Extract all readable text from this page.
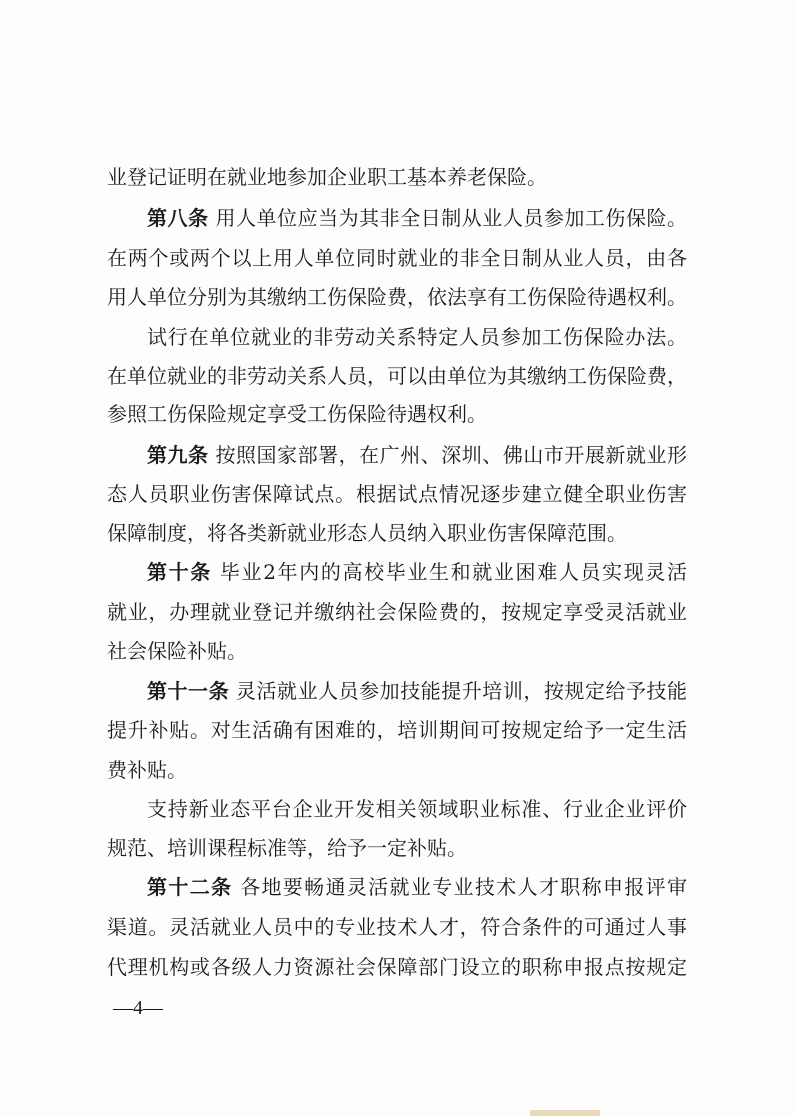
业登记证明在就业地参加企业职工基本养老保险。
第八条 用人单位应当为其非全日制从业人员参加工伤保险。
在两个或两个以上用人单位同时就业的非全日制从业人员，由各
用人单位分别为其缴纳工伤保险费，依法享有工伤保险待遇权利。
试行在单位就业的非劳动关系特定人员参加工伤保险办法。
在单位就业的非劳动关系人员，可以由单位为其缴纳工伤保险费，
参照工伤保险规定享受工伤保险待遇权利。
第九条 按照国家部署，在广州、深圳、佛山市开展新就业形
态人员职业伤害保障试点。根据试点情况逐步建立健全职业伤害
保障制度，将各类新就业形态人员纳入职业伤害保障范围。
第十条 毕业2年内的高校毕业生和就业困难人员实现灵活
就业，办理就业登记并缴纳社会保险费的，按规定享受灵活就业
社会保险补贴。
第十一条 灵活就业人员参加技能提升培训，按规定给予技能
提升补贴。对生活确有困难的，培训期间可按规定给予一定生活
费补贴。
支持新业态平台企业开发相关领域职业标准、行业企业评价
规范、培训课程标准等，给予一定补贴。
第十二条 各地要畅通灵活就业专业技术人才职称申报评审
渠道。灵活就业人员中的专业技术人才，符合条件的可通过人事
代理机构或各级人力资源社会保障部门设立的职称申报点按规定
—4—
